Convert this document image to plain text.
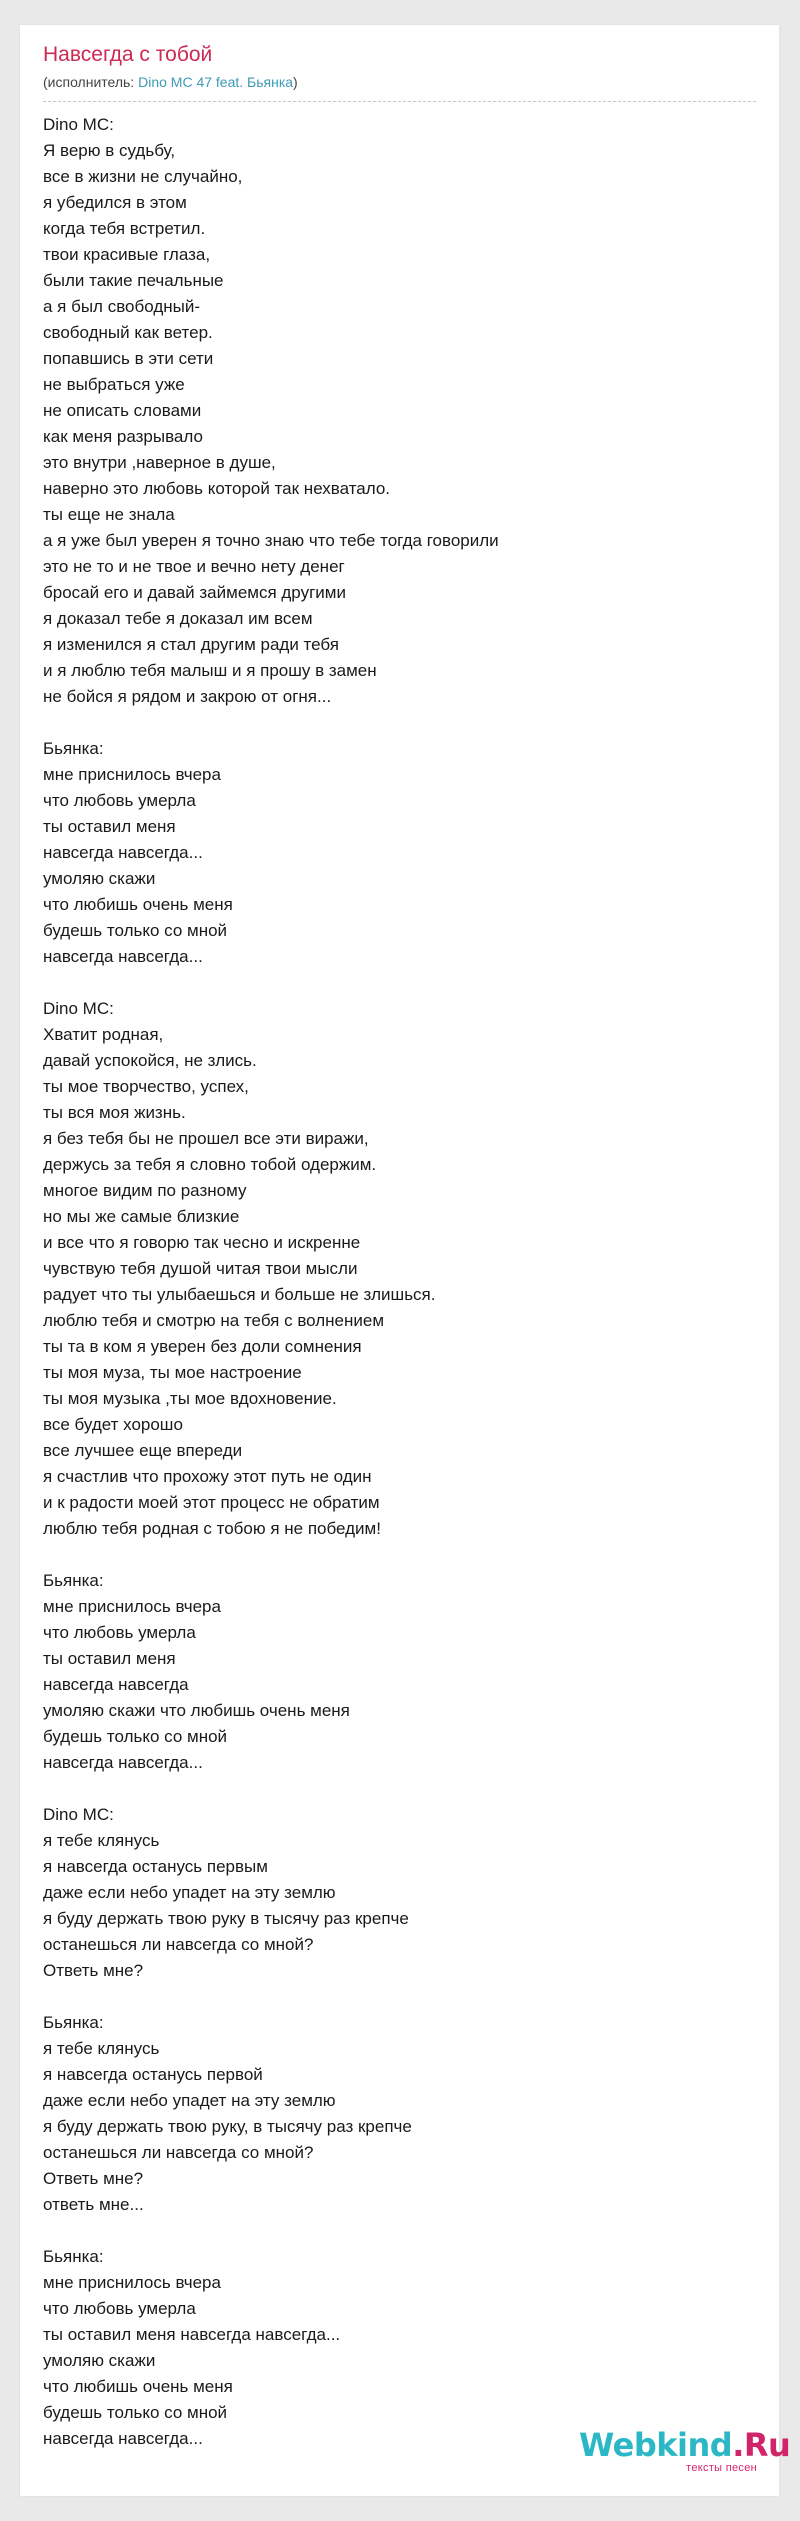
Навсегда с тобой
(исполнитель: Dino MC 47 feat. Бьянка)
Dino MC:
Я верю в судьбу,
все в жизни не случайно,
я убедился в этом
когда тебя встретил.
твои красивые глаза,
были такие печальные
а я был свободный-
свободный как ветер.
попавшись в эти сети
не выбраться уже
не описать словами
как меня разрывало
это внутри ,наверное в душе,
наверно это любовь которой так нехватало.
ты еще не знала
а я уже был уверен я точно знаю что тебе тогда говорили
это не то и не твое и вечно нету денег
бросай его и давай займемся другими
я доказал тебе я доказал им всем
я изменился я стал другим ради тебя
и я люблю тебя малыш и я прошу в замен
не бойся я рядом и закрою от огня...
Бьянка:
мне приснилось вчера
что любовь умерла
ты оставил меня
навсегда навсегда...
умоляю скажи
что любишь очень меня
будешь только со мной
навсегда навсегда...
Dino MC:
Хватит родная,
давай успокойся, не злись.
ты мое творчество, успех,
ты вся моя жизнь.
я без тебя бы не прошел все эти виражи,
держусь за тебя я словно тобой одержим.
многое видим по разному
но мы же самые близкие
и все что я говорю так чесно и искренне
чувствую тебя душой читая твои мысли
радует что ты улыбаешься и больше не злишься.
люблю тебя и смотрю на тебя с волнением
ты та в ком я уверен без доли сомнения
ты моя муза, ты мое настроение
ты моя музыка ,ты мое вдохновение.
все будет хорошо
все лучшее еще впереди
я счастлив что прохожу этот путь не один
и к радости моей этот процесс не обратим
люблю тебя родная с тобою я не победим!
Бьянка:
мне приснилось вчера
что любовь умерла
ты оставил меня
навсегда навсегда
умоляю скажи что любишь очень меня
будешь только со мной
навсегда навсегда...
Dino MC:
я тебе клянусь
я навсегда останусь первым
даже если небо упадет на эту землю
я буду держать твою руку в тысячу раз крепче
останешься ли навсегда со мной?
Ответь мне?
Бьянка:
я тебе клянусь
я навсегда останусь первой
даже если небо упадет на эту землю
я буду держать твою руку, в тысячу раз крепче
останешься ли навсегда со мной?
Ответь мне?
ответь мне...
Бьянка:
мне приснилось вчера
что любовь умерла
ты оставил меня навсегда навсегда...
умоляю скажи
что любишь очень меня
будешь только со мной
навсегда навсегда...	Webkind.Ru
тексты песен
